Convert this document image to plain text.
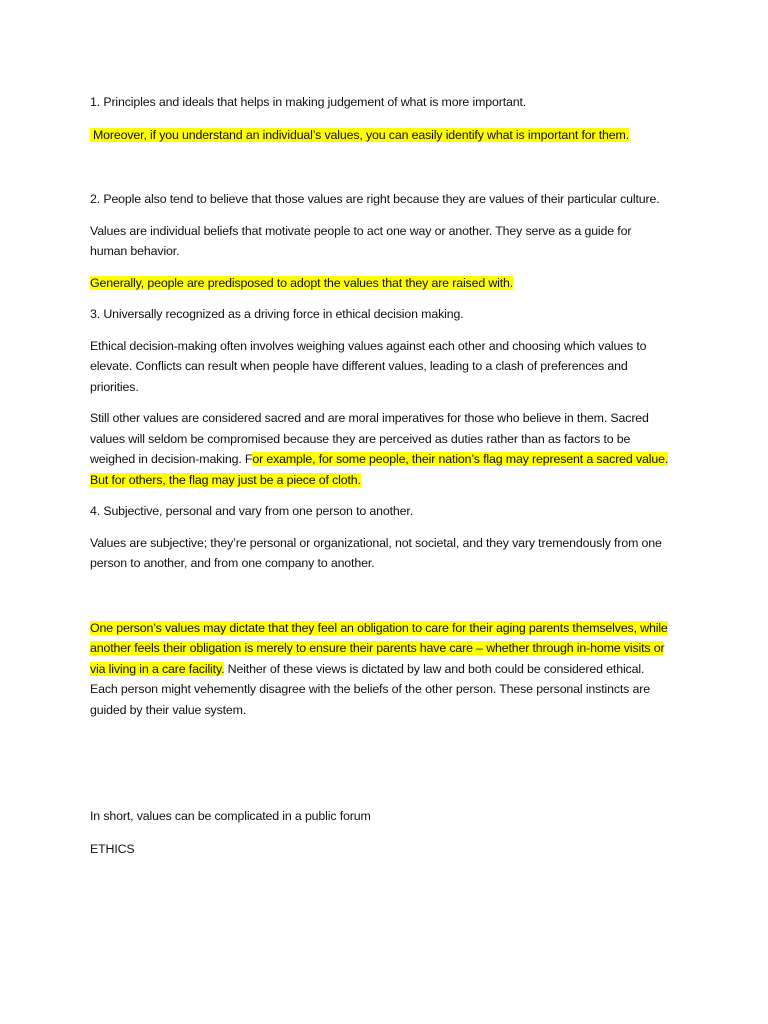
1. Principles and ideals that helps in making judgement of what is more important.

Moreover, if you understand an individual’s values, you can easily identify what is important for them.

2. People also tend to believe that those values are right because they are values of their particular culture.

Values are individual beliefs that motivate people to act one way or another. They serve as a guide for human behavior.

Generally, people are predisposed to adopt the values that they are raised with.

3. Universally recognized as a driving force in ethical decision making.

Ethical decision-making often involves weighing values against each other and choosing which values to elevate. Conflicts can result when people have different values, leading to a clash of preferences and priorities.

Still other values are considered sacred and are moral imperatives for those who believe in them. Sacred values will seldom be compromised because they are perceived as duties rather than as factors to be weighed in decision-making. For example, for some people, their nation’s flag may represent a sacred value. But for others, the flag may just be a piece of cloth.

4. Subjective, personal and vary from one person to another.

Values are subjective; they’re personal or organizational, not societal, and they vary tremendously from one person to another, and from one company to another.

One person’s values may dictate that they feel an obligation to care for their aging parents themselves, while another feels their obligation is merely to ensure their parents have care – whether through in-home visits or via living in a care facility. Neither of these views is dictated by law and both could be considered ethical. Each person might vehemently disagree with the beliefs of the other person. These personal instincts are guided by their value system.

In short, values can be complicated in a public forum

ETHICS
